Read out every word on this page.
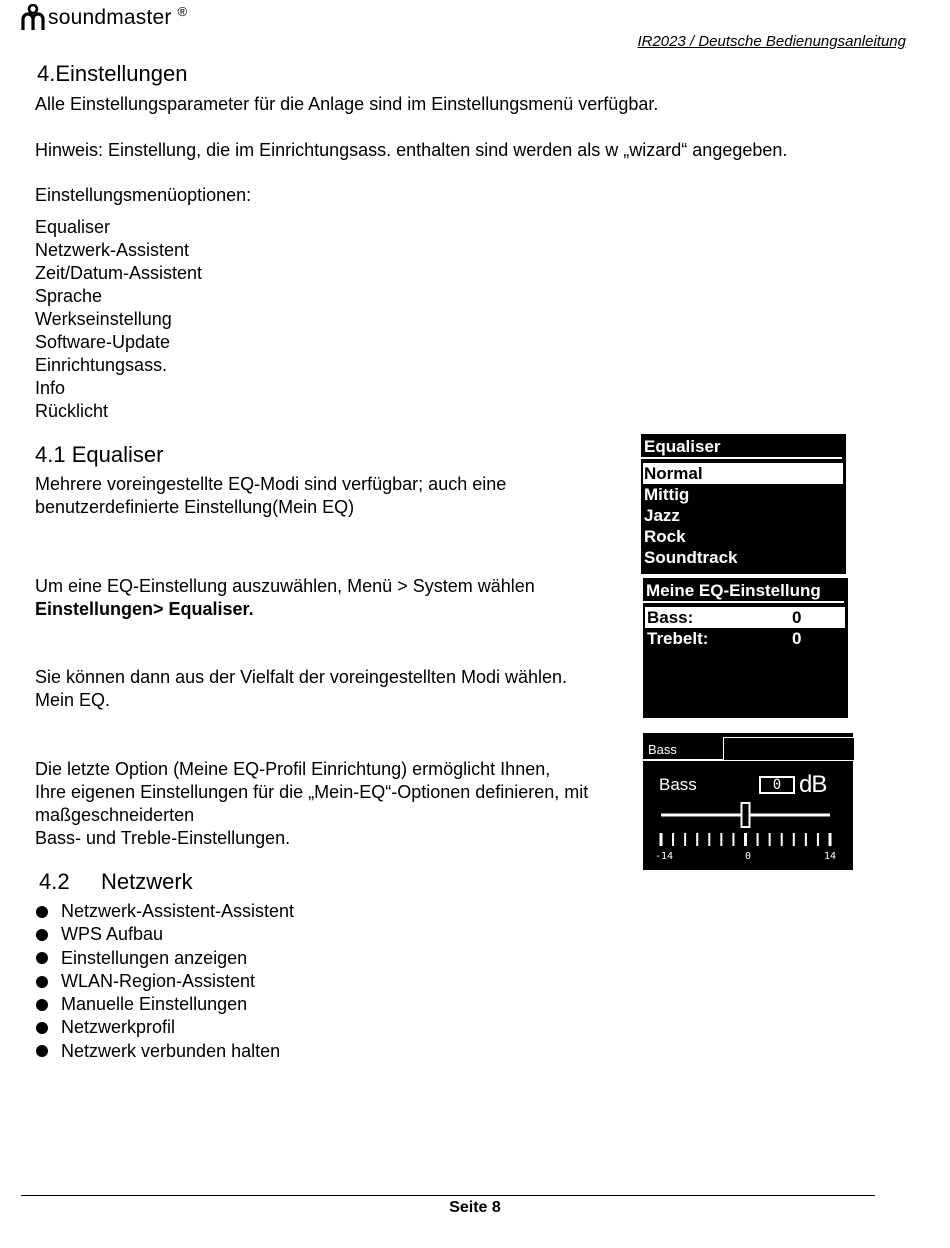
soundmaster ®
IR2023 / Deutsche Bedienungsanleitung
4.Einstellungen
Alle Einstellungsparameter für die Anlage sind im Einstellungsmenü verfügbar.
Hinweis: Einstellung, die im Einrichtungsass. enthalten sind werden als w „wizard“ angegeben.
Einstellungsmenüoptionen:
Equaliser
Netzwerk-Assistent
Zeit/Datum-Assistent
Sprache
Werkseinstellung
Software-Update
Einrichtungsass.
Info
Rücklicht
4.1 Equaliser
Mehrere voreingestellte EQ-Modi sind verfügbar; auch eine
benutzerdefinierte Einstellung(Mein EQ)
Um eine EQ-Einstellung auszuwählen, Menü > System wählen
Einstellungen> Equaliser.
Sie können dann aus der Vielfalt der voreingestellten Modi wählen.
Mein EQ.
Die letzte Option (Meine EQ-Profil Einrichtung) ermöglicht Ihnen,
Ihre eigenen Einstellungen für die „Mein-EQ“-Optionen definieren, mit
maßgeschneiderten
Bass- und Treble-Einstellungen.
Equaliser
Normal
Mittig
Jazz
Rock
Soundtrack
Meine EQ-Einstellung
Bass:	0
Trebelt:	0
Bass
Bass	0 dB
-14	0	14
4.2 Netzwerk
Netzwerk-Assistent-Assistent
WPS Aufbau
Einstellungen anzeigen
WLAN-Region-Assistent
Manuelle Einstellungen
Netzwerkprofil
Netzwerk verbunden halten
Seite 8
